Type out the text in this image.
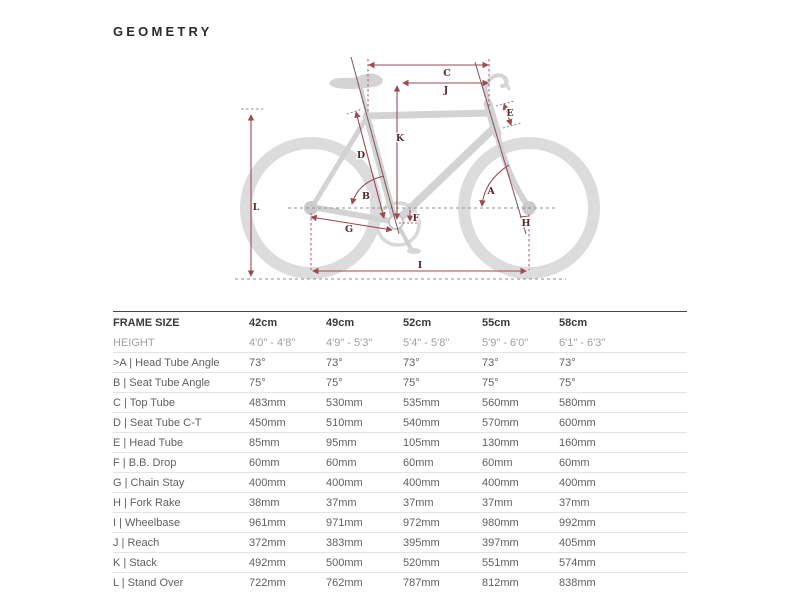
GEOMETRY
C
J
K
D
B
G
F
I
L
A
E
H
FRAME SIZE	42cm	49cm	52cm	55cm	58cm
HEIGHT	4'0" - 4'8"	4'9" - 5'3"	5'4" - 5'8"	5'9" - 6'0"	6'1" - 6'3"
>A | Head Tube Angle	73°	73°	73°	73°	73°
B | Seat Tube Angle	75°	75°	75°	75°	75°
C | Top Tube	483mm	530mm	535mm	560mm	580mm
D | Seat Tube C-T	450mm	510mm	540mm	570mm	600mm
E | Head Tube	85mm	95mm	105mm	130mm	160mm
F | B.B. Drop	60mm	60mm	60mm	60mm	60mm
G | Chain Stay	400mm	400mm	400mm	400mm	400mm
H | Fork Rake	38mm	37mm	37mm	37mm	37mm
I | Wheelbase	961mm	971mm	972mm	980mm	992mm
J | Reach	372mm	383mm	395mm	397mm	405mm
K | Stack	492mm	500mm	520mm	551mm	574mm
L | Stand Over	722mm	762mm	787mm	812mm	838mm
